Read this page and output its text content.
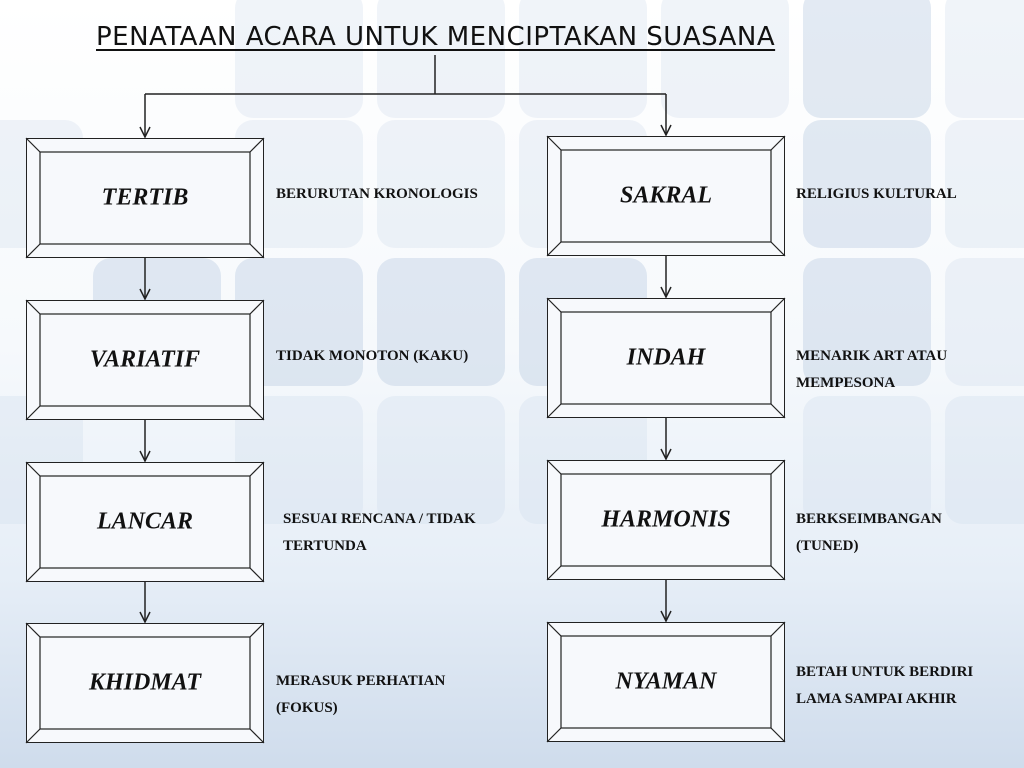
PENATAAN ACARA UNTUK MENCIPTAKAN SUASANA
TERTIB	BERURUTAN KRONOLOGIS
VARIATIF	TIDAK MONOTON (KAKU)
LANCAR	SESUAI RENCANA / TIDAK TERTUNDA
KHIDMAT	MERASUK PERHATIAN (FOKUS)
SAKRAL	RELIGIUS KULTURAL
INDAH	MENARIK ART ATAU MEMPESONA
HARMONIS	BERKSEIMBANGAN (TUNED)
NYAMAN	BETAH UNTUK BERDIRI LAMA SAMPAI AKHIR
